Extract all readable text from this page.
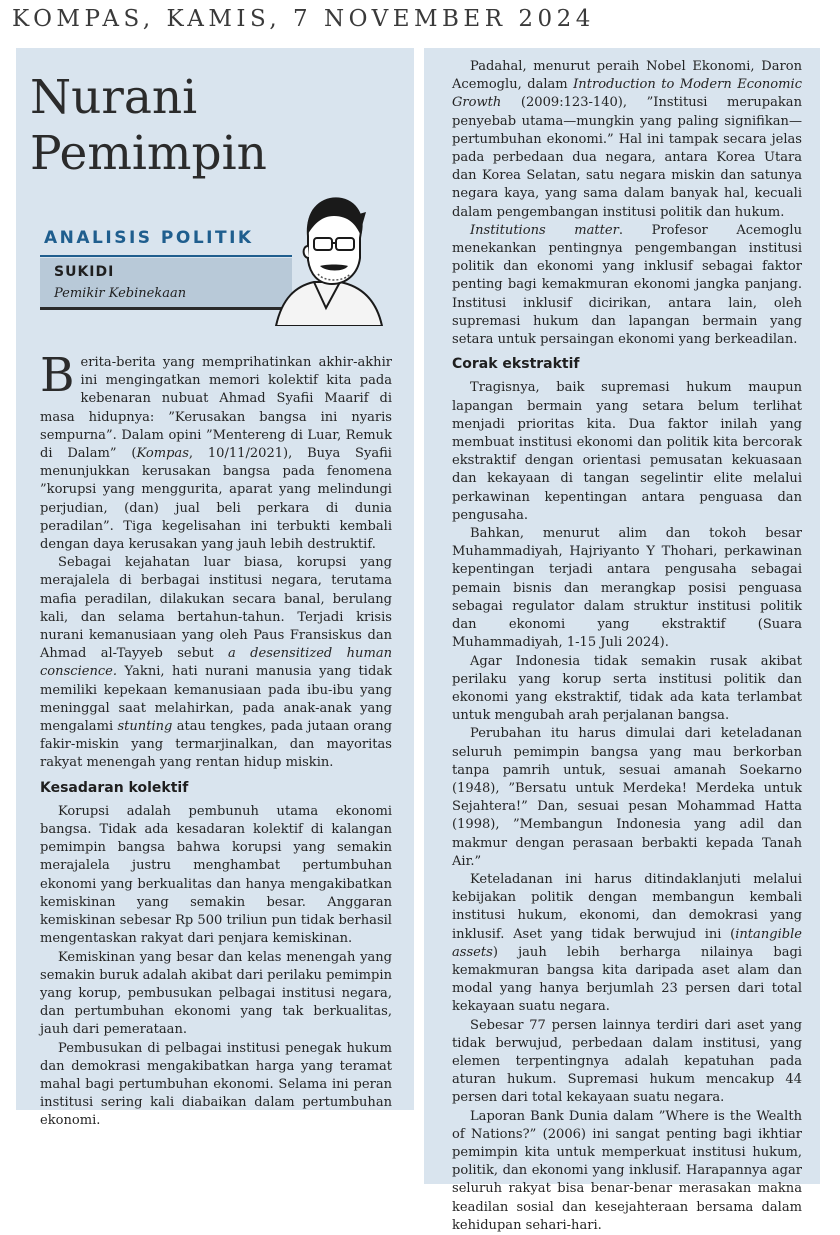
KOMPAS, KAMIS, 7 NOVEMBER 2024
Nurani
Pemimpin
ANALISIS POLITIK
SUKIDI
Pemikir Kebinekaan

Berita-berita yang memprihatinkan akhir-akhir ini mengingatkan memori kolektif kita pada kebenaran nubuat Ahmad Syafii Maarif di masa hidupnya: ”Kerusakan bangsa ini nyaris sempurna”. Dalam opini ”Mentereng di Luar, Remuk di Dalam” (Kompas, 10/11/2021), Buya Syafii menunjukkan kerusakan bangsa pada fenomena ”korupsi yang menggurita, aparat yang melindungi perjudian, (dan) jual beli perkara di dunia peradilan”. Tiga kegelisahan ini terbukti kembali dengan daya kerusakan yang jauh lebih destruktif.

Sebagai kejahatan luar biasa, korupsi yang merajalela di berbagai institusi negara, terutama mafia peradilan, dilakukan secara banal, berulang kali, dan selama bertahun-tahun. Terjadi krisis nurani kemanusiaan yang oleh Paus Fransiskus dan Ahmad al-Tayyeb sebut a desensitized human conscience. Yakni, hati nurani manusia yang tidak memiliki kepekaan kemanusiaan pada ibu-ibu yang meninggal saat melahirkan, pada anak-anak yang mengalami stunting atau tengkes, pada jutaan orang fakir-miskin yang termarjinalkan, dan mayoritas rakyat menengah yang rentan hidup miskin.

Kesadaran kolektif

Korupsi adalah pembunuh utama ekonomi bangsa. Tidak ada kesadaran kolektif di kalangan pemimpin bangsa bahwa korupsi yang semakin merajalela justru menghambat pertumbuhan ekonomi yang berkualitas dan hanya mengakibatkan kemiskinan yang semakin besar. Anggaran kemiskinan sebesar Rp 500 triliun pun tidak berhasil mengentaskan rakyat dari penjara kemiskinan.

Kemiskinan yang besar dan kelas menengah yang semakin buruk adalah akibat dari perilaku pemimpin yang korup, pembusukan pelbagai institusi negara, dan pertumbuhan ekonomi yang tak berkualitas, jauh dari pemerataan.

Pembusukan di pelbagai institusi penegak hukum dan demokrasi mengakibatkan harga yang teramat mahal bagi pertumbuhan ekonomi. Selama ini peran institusi sering kali diabaikan dalam pertumbuhan ekonomi.

Padahal, menurut peraih Nobel Ekonomi, Daron Acemoglu, dalam Introduction to Modern Economic Growth (2009:123-140), ”Institusi merupakan penyebab utama—mungkin yang paling signifikan—pertumbuhan ekonomi.” Hal ini tampak secara jelas pada perbedaan dua negara, antara Korea Utara dan Korea Selatan, satu negara miskin dan satunya negara kaya, yang sama dalam banyak hal, kecuali dalam pengembangan institusi politik dan hukum.

Institutions matter. Profesor Acemoglu menekankan pentingnya pengembangan institusi politik dan ekonomi yang inklusif sebagai faktor penting bagi kemakmuran ekonomi jangka panjang. Institusi inklusif dicirikan, antara lain, oleh supremasi hukum dan lapangan bermain yang setara untuk persaingan ekonomi yang berkeadilan.

Corak ekstraktif

Tragisnya, baik supremasi hukum maupun lapangan bermain yang setara belum terlihat menjadi prioritas kita. Dua faktor inilah yang membuat institusi ekonomi dan politik kita bercorak ekstraktif dengan orientasi pemusatan kekuasaan dan kekayaan di tangan segelintir elite melalui perkawinan kepentingan antara penguasa dan pengusaha.

Bahkan, menurut alim dan tokoh besar Muhammadiyah, Hajriyanto Y Thohari, perkawinan kepentingan terjadi antara pengusaha sebagai pemain bisnis dan merangkap posisi penguasa sebagai regulator dalam struktur institusi politik dan ekonomi yang ekstraktif (Suara Muhammadiyah, 1-15 Juli 2024).

Agar Indonesia tidak semakin rusak akibat perilaku yang korup serta institusi politik dan ekonomi yang ekstraktif, tidak ada kata terlambat untuk mengubah arah perjalanan bangsa.

Perubahan itu harus dimulai dari keteladanan seluruh pemimpin bangsa yang mau berkorban tanpa pamrih untuk, sesuai amanah Soekarno (1948), ”Bersatu untuk Merdeka! Merdeka untuk Sejahtera!” Dan, sesuai pesan Mohammad Hatta (1998), ”Membangun Indonesia yang adil dan makmur dengan perasaan berbakti kepada Tanah Air.”

Keteladanan ini harus ditindaklanjuti melalui kebijakan politik dengan membangun kembali institusi hukum, ekonomi, dan demokrasi yang inklusif. Aset yang tidak berwujud ini (intangible assets) jauh lebih berharga nilainya bagi kemakmuran bangsa kita daripada aset alam dan modal yang hanya berjumlah 23 persen dari total kekayaan suatu negara.

Sebesar 77 persen lainnya terdiri dari aset yang tidak berwujud, perbedaan dalam institusi, yang elemen terpentingnya adalah kepatuhan pada aturan hukum. Supremasi hukum mencakup 44 persen dari total kekayaan suatu negara.

Laporan Bank Dunia dalam ”Where is the Wealth of Nations?” (2006) ini sangat penting bagi ikhtiar pemimpin kita untuk memperkuat institusi hukum, politik, dan ekonomi yang inklusif. Harapannya agar seluruh rakyat bisa benar-benar merasakan makna keadilan sosial dan kesejahteraan bersama dalam kehidupan sehari-hari.
